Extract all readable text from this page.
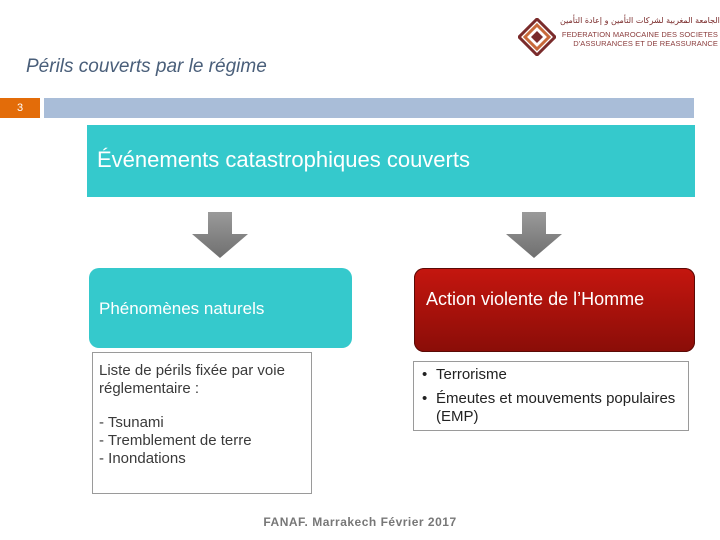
الجامعة المغربية لشركات التأمين و إعادة التأمين
FEDERATION MAROCAINE DES SOCIETES
D'ASSURANCES ET DE REASSURANCE
Périls couverts par le régime
3
Événements catastrophiques couverts
Phénomènes naturels	Action violente de l’Homme
Liste de périls fixée par voie réglementaire :
- Tsunami
- Tremblement de terre
- Inondations
• Terrorisme
• Émeutes et mouvements populaires (EMP)
FANAF. Marrakech Février 2017
